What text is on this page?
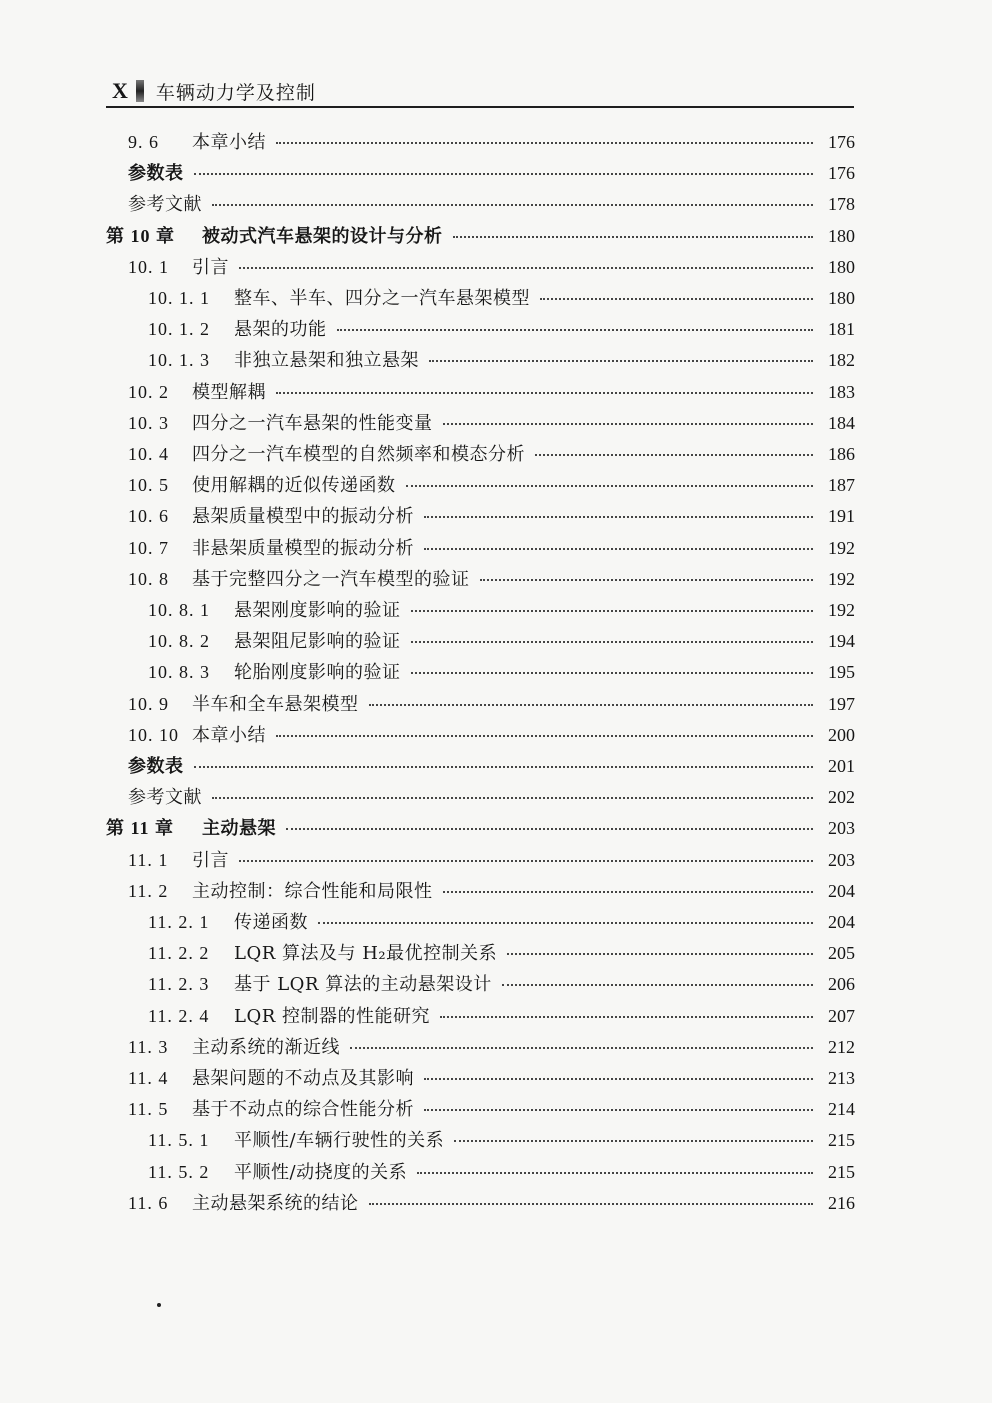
X 车辆动力学及控制
9. 6	本章小结	176
参数表	176
参考文献	178
第 10 章	被动式汽车悬架的设计与分析	180
10. 1	引言	180
10. 1. 1	整车、半车、四分之一汽车悬架模型	180
10. 1. 2	悬架的功能	181
10. 1. 3	非独立悬架和独立悬架	182
10. 2	模型解耦	183
10. 3	四分之一汽车悬架的性能变量	184
10. 4	四分之一汽车模型的自然频率和模态分析	186
10. 5	使用解耦的近似传递函数	187
10. 6	悬架质量模型中的振动分析	191
10. 7	非悬架质量模型的振动分析	192
10. 8	基于完整四分之一汽车模型的验证	192
10. 8. 1	悬架刚度影响的验证	192
10. 8. 2	悬架阻尼影响的验证	194
10. 8. 3	轮胎刚度影响的验证	195
10. 9	半车和全车悬架模型	197
10. 10 本章小结	200
参数表	201
参考文献	202
第 11 章	主动悬架	203
11. 1	引言	203
11. 2	主动控制：综合性能和局限性	204
11. 2. 1	传递函数	204
11. 2. 2	LQR 算法及与 H₂最优控制关系	205
11. 2. 3	基于 LQR 算法的主动悬架设计	206
11. 2. 4	LQR 控制器的性能研究	207
11. 3	主动系统的渐近线	212
11. 4	悬架问题的不动点及其影响	213
11. 5	基于不动点的综合性能分析	214
11. 5. 1	平顺性/车辆行驶性的关系	215
11. 5. 2	平顺性/动挠度的关系	215
11. 6	主动悬架系统的结论	216
